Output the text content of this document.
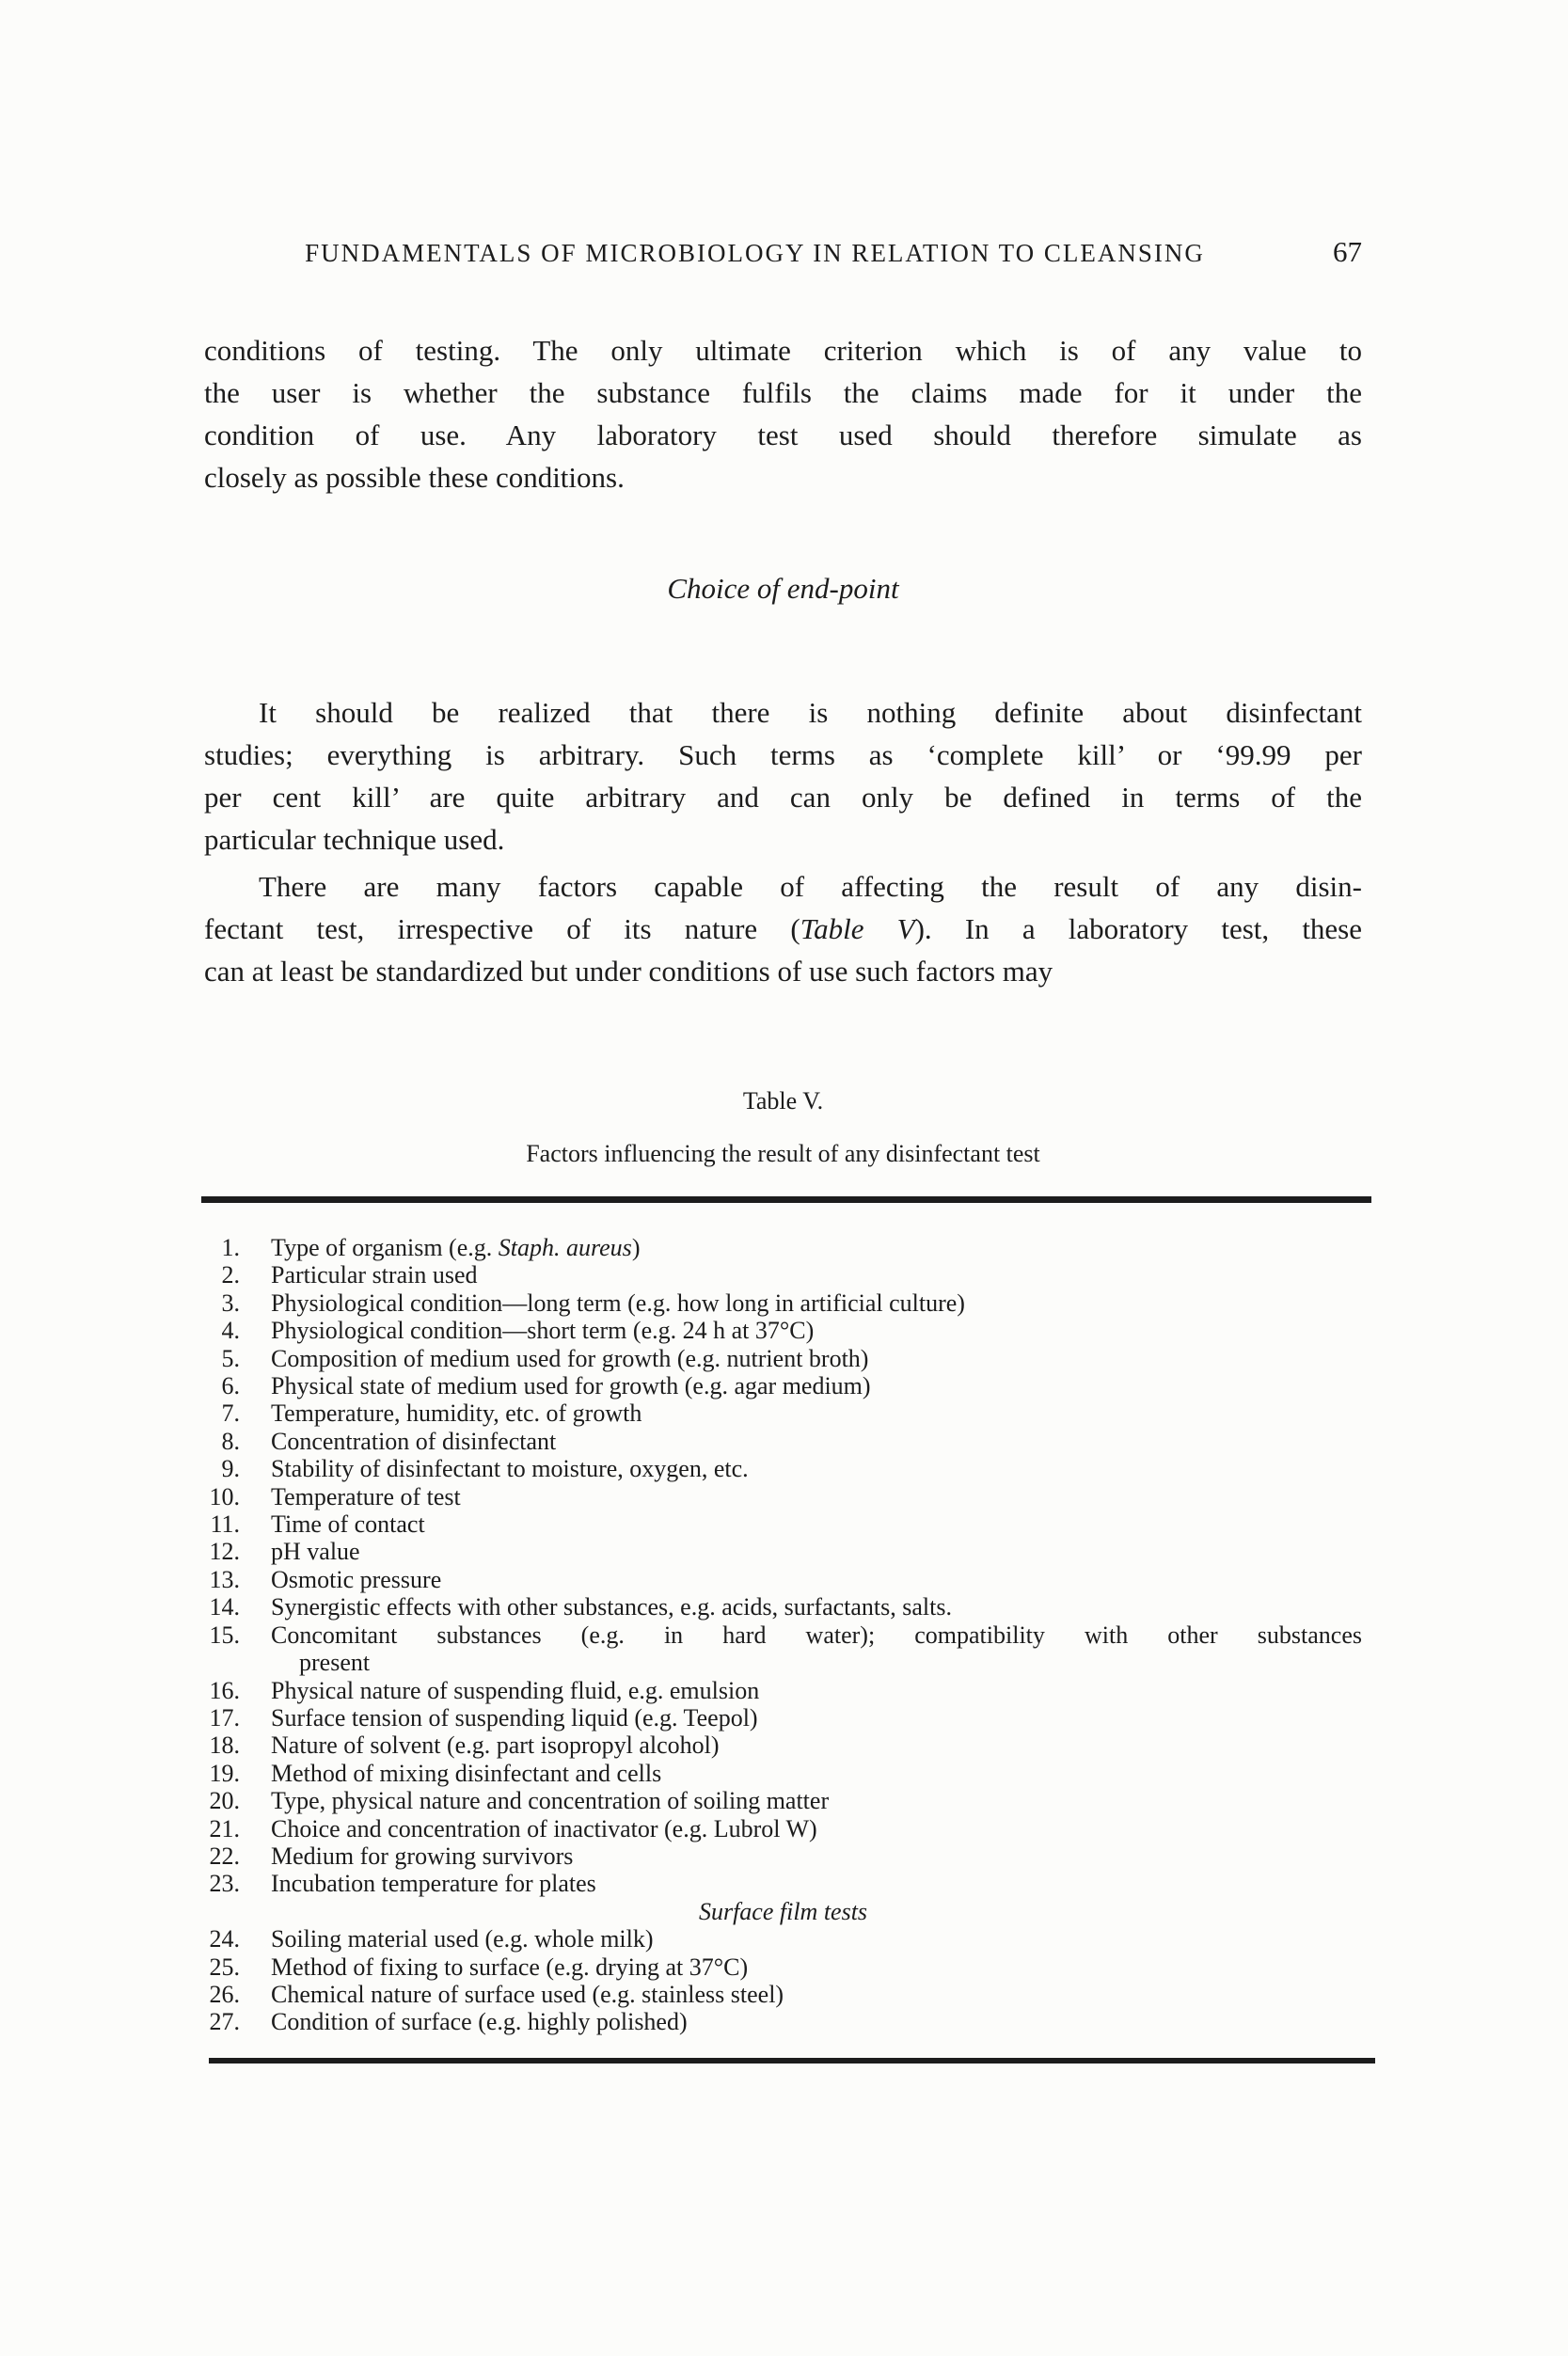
FUNDAMENTALS OF MICROBIOLOGY IN RELATION TO CLEANSING	67
conditions of testing. The only ultimate criterion which is of any value to
the user is whether the substance fulfils the claims made for it under the
condition of use. Any laboratory test used should therefore simulate as
closely as possible these conditions.
It should be realized that there is nothing definite about disinfectant
studies; everything is arbitrary. Such terms as ‘complete kill’ or ‘99.99 per
per cent kill’ are quite arbitrary and can only be defined in terms of the
particular technique used.
There are many factors capable of affecting the result of any disin-
fectant test, irrespective of its nature (Table V). In a laboratory test, these
can at least be standardized but under conditions of use such factors may
Choice of end-point
Table V.
Factors influencing the result of any disinfectant test
1. Type of organism (e.g. Staph. aureus)
2. Particular strain used
3. Physiological condition—long term (e.g. how long in artificial culture)
4. Physiological condition—short term (e.g. 24 h at 37°C)
5. Composition of medium used for growth (e.g. nutrient broth)
6. Physical state of medium used for growth (e.g. agar medium)
7. Temperature, humidity, etc. of growth
8. Concentration of disinfectant
9. Stability of disinfectant to moisture, oxygen, etc.
10. Temperature of test
11. Time of contact
12. pH value
13. Osmotic pressure
14. Synergistic effects with other substances, e.g. acids, surfactants, salts.
15. Concomitant substances (e.g. in hard water); compatibility with other substances
present
16. Physical nature of suspending fluid, e.g. emulsion
17. Surface tension of suspending liquid (e.g. Teepol)
18. Nature of solvent (e.g. part isopropyl alcohol)
19. Method of mixing disinfectant and cells
20. Type, physical nature and concentration of soiling matter
21. Choice and concentration of inactivator (e.g. Lubrol W)
22. Medium for growing survivors
23. Incubation temperature for plates
Surface film tests
24. Soiling material used (e.g. whole milk)
25. Method of fixing to surface (e.g. drying at 37°C)
26. Chemical nature of surface used (e.g. stainless steel)
27. Condition of surface (e.g. highly polished)
